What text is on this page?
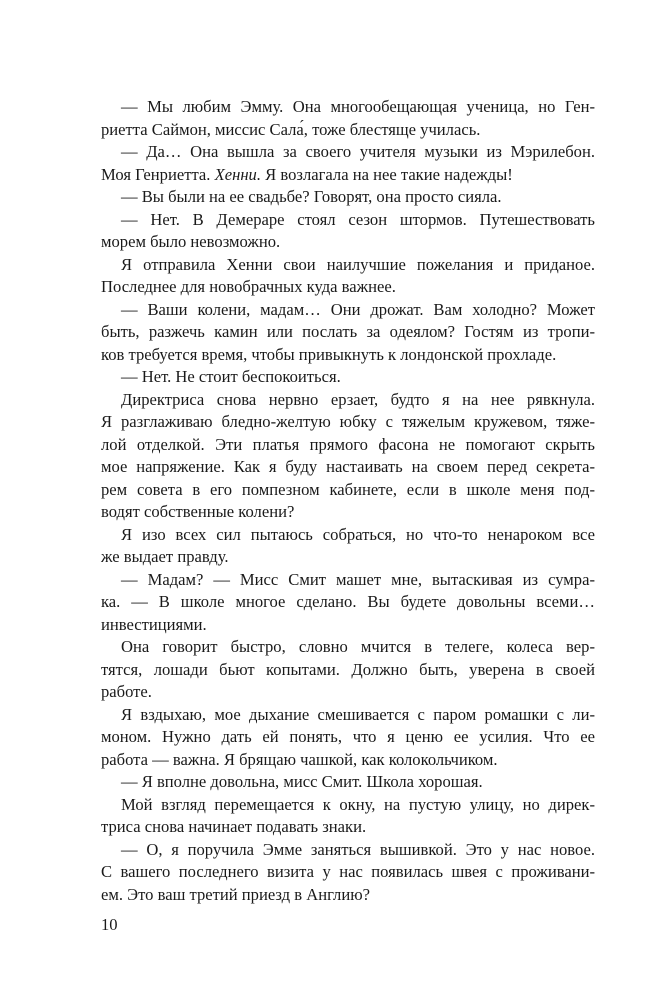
— Мы любим Эмму. Она многообещающая ученица, но Ген-
риетта Саймон, миссис Сала́, тоже блестяще училась.
— Да… Она вышла за своего учителя музыки из Мэрилебон.
Моя Генриетта. Хенни. Я возлагала на нее такие надежды!
— Вы были на ее свадьбе? Говорят, она просто сияла.
— Нет. В Демераре стоял сезон штормов. Путешествовать
морем было невозможно.
Я отправила Хенни свои наилучшие пожелания и приданое.
Последнее для новобрачных куда важнее.
— Ваши колени, мадам… Они дрожат. Вам холодно? Может
быть, разжечь камин или послать за одеялом? Гостям из тропи-
ков требуется время, чтобы привыкнуть к лондонской прохладе.
— Нет. Не стоит беспокоиться.
Директриса снова нервно ерзает, будто я на нее рявкнула.
Я разглаживаю бледно-желтую юбку с тяжелым кружевом, тяже-
лой отделкой. Эти платья прямого фасона не помогают скрыть
мое напряжение. Как я буду настаивать на своем перед секрета-
рем совета в его помпезном кабинете, если в школе меня под-
водят собственные колени?
Я изо всех сил пытаюсь собраться, но что-то ненароком все
же выдает правду.
— Мадам? — Мисс Смит машет мне, вытаскивая из сумра-
ка. — В школе многое сделано. Вы будете довольны всеми…
инвестициями.
Она говорит быстро, словно мчится в телеге, колеса вер-
тятся, лошади бьют копытами. Должно быть, уверена в своей
работе.
Я вздыхаю, мое дыхание смешивается с паром ромашки с ли-
моном. Нужно дать ей понять, что я ценю ее усилия. Что ее
работа — важна. Я брящаю чашкой, как колокольчиком.
— Я вполне довольна, мисс Смит. Школа хорошая.
Мой взгляд перемещается к окну, на пустую улицу, но дирек-
триса снова начинает подавать знаки.
— О, я поручила Эмме заняться вышивкой. Это у нас новое.
С вашего последнего визита у нас появилась швея с проживани-
ем. Это ваш третий приезд в Англию?
10
